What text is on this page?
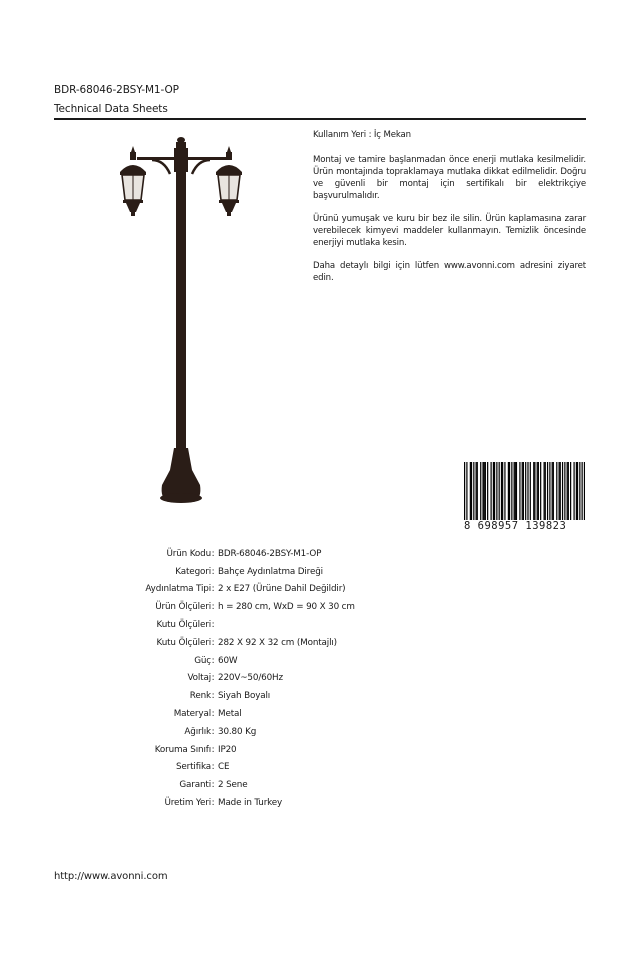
BDR-68046-2BSY-M1-OP
Technical Data Sheets

Kullanım Yeri : İç Mekan

Montaj ve tamire başlanmadan önce enerji mutlaka kesilmelidir. Ürün montajında topraklamaya mutlaka dikkat edilmelidir. Doğru ve güvenli bir montaj için sertifikalı bir elektrikçiye başvurulmalıdır.

Ürünü yumuşak ve kuru bir bez ile silin. Ürün kaplamasına zarar verebilecek kimyevi maddeler kullanmayın. Temizlik öncesinde enerjiyi mutlaka kesin.

Daha detaylı bilgi için lütfen www.avonni.com adresini ziyaret edin.

8 698957 139823
Ürün Kodu : BDR-68046-2BSY-M1-OP
Kategori : Bahçe Aydınlatma Direği
Aydınlatma Tipi : 2 x E27 (Ürüne Dahil Değildir)
Ürün Ölçüleri : h = 280 cm, WxD = 90 X 30 cm
Kutu Ölçüleri :
Kutu Ölçüleri : 282 X 92 X 32 cm (Montajlı)
Güç : 60W
Voltaj : 220V~50/60Hz
Renk : Siyah Boyalı
Materyal : Metal
Ağırlık : 30.80 Kg
Koruma Sınıfı : IP20
Sertifika : CE
Garanti : 2 Sene
Üretim Yeri : Made in Turkey
http://www.avonni.com
